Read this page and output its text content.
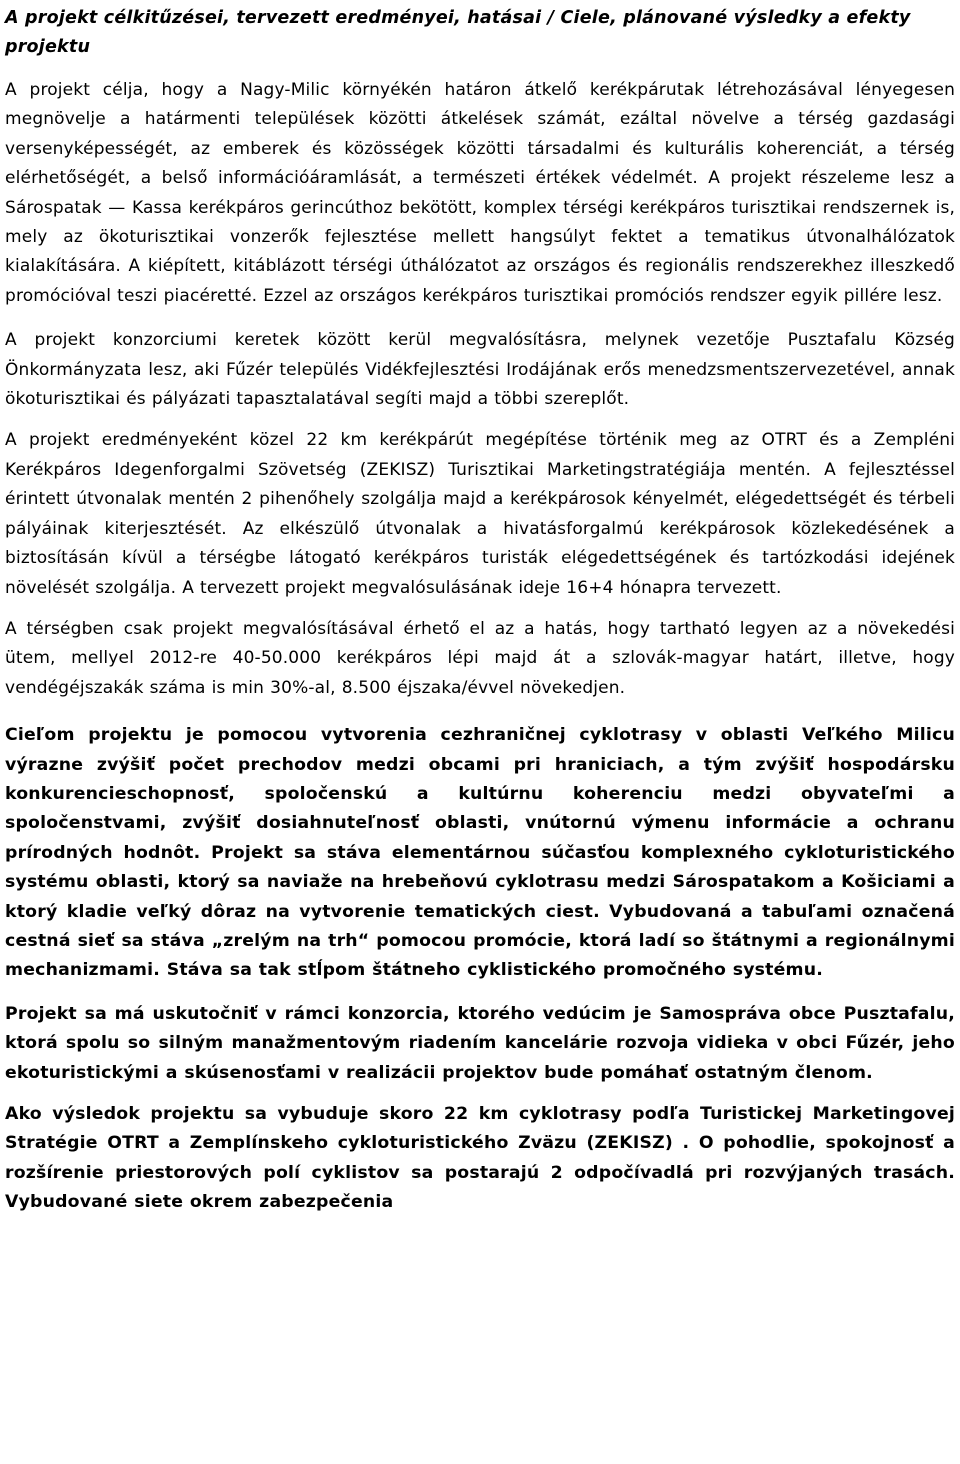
A projekt célkitűzései, tervezett eredményei, hatásai / Ciele, plánované výsledky a efekty projektu

A projekt célja, hogy a Nagy-Milic környékén határon átkelő kerékpárutak létrehozásával lényegesen megnövelje a határmenti települések közötti átkelések számát, ezáltal növelve a térség gazdasági versenyképességét, az emberek és közösségek közötti társadalmi és kulturális koherenciát, a térség elérhetőségét, a belső információáramlását, a természeti értékek védelmét. A projekt részeleme lesz a Sárospatak — Kassa kerékpáros gerincúthoz bekötött, komplex térségi kerékpáros turisztikai rendszernek is, mely az ökoturisztikai vonzerők fejlesztése mellett hangsúlyt fektet a tematikus útvonalhálózatok kialakítására. A kiépített, kitáblázott térségi úthálózatot az országos és regionális rendszerekhez illeszkedő promócióval teszi piacéretté. Ezzel az országos kerékpáros turisztikai promóciós rendszer egyik pillére lesz.

A projekt konzorciumi keretek között kerül megvalósításra, melynek vezetője Pusztafalu Község Önkormányzata lesz, aki Fűzér település Vidékfejlesztési Irodájának erős menedzsmentszervezetével, annak ökoturisztikai és pályázati tapasztalatával segíti majd a többi szereplőt.

A projekt eredményeként közel 22 km kerékpárút megépítése történik meg az OTRT és a Zempléni Kerékpáros Idegenforgalmi Szövetség (ZEKISZ) Turisztikai Marketingstratégiája mentén. A fejlesztéssel érintett útvonalak mentén 2 pihenőhely szolgálja majd a kerékpárosok kényelmét, elégedettségét és térbeli pályáinak kiterjesztését. Az elkészülő útvonalak a hivatásforgalmú kerékpárosok közlekedésének a biztosításán kívül a térségbe látogató kerékpáros turisták elégedettségének és tartózkodási idejének növelését szolgálja. A tervezett projekt megvalósulásának ideje 16+4 hónapra tervezett.

A térségben csak projekt megvalósításával érhető el az a hatás, hogy tartható legyen az a növekedési ütem, mellyel 2012-re 40-50.000 kerékpáros lépi majd át a szlovák-magyar határt, illetve, hogy vendégéjszakák száma is min 30%-al, 8.500 éjszaka/évvel növekedjen.

Cieľom projektu je pomocou vytvorenia cezhraničnej cyklotrasy v oblasti Veľkého Milicu výrazne zvýšiť počet prechodov medzi obcami pri hraniciach, a tým zvýšiť hospodársku konkurencieschopnosť, spoločenskú a kultúrnu koherenciu medzi obyvateľmi a spoločenstvami, zvýšiť dosiahnuteľnosť oblasti, vnútornú výmenu informácie a ochranu prírodných hodnôt. Projekt sa stáva elementárnou súčasťou komplexného cykloturistického systému oblasti, ktorý sa naviaže na hrebeňovú cyklotrasu medzi Sárospatakom a Košiciami a ktorý kladie veľký dôraz na vytvorenie tematických ciest. Vybudovaná a tabuľami označená cestná sieť sa stáva „zrelým na trh“ pomocou promócie, ktorá ladí so štátnymi a regionálnymi mechanizmami. Stáva sa tak stĺpom štátneho cyklistického promočného systému.

Projekt sa má uskutočniť v rámci konzorcia, ktorého vedúcim je Samospráva obce Pusztafalu, ktorá spolu so silným manažmentovým riadením kancelárie rozvoja vidieka v obci Fűzér, jeho ekoturistickými a skúsenosťami v realizácii projektov bude pomáhať ostatným členom.

Ako výsledok projektu sa vybuduje skoro 22 km cyklotrasy podľa Turistickej Marketingovej Stratégie OTRT a Zemplínskeho cykloturistického Zväzu (ZEKISZ) . O pohodlie, spokojnosť a rozšírenie priestorových polí cyklistov sa postarajú 2 odpočívadlá pri rozvýjaných trasách. Vybudované siete okrem zabezpečenia
